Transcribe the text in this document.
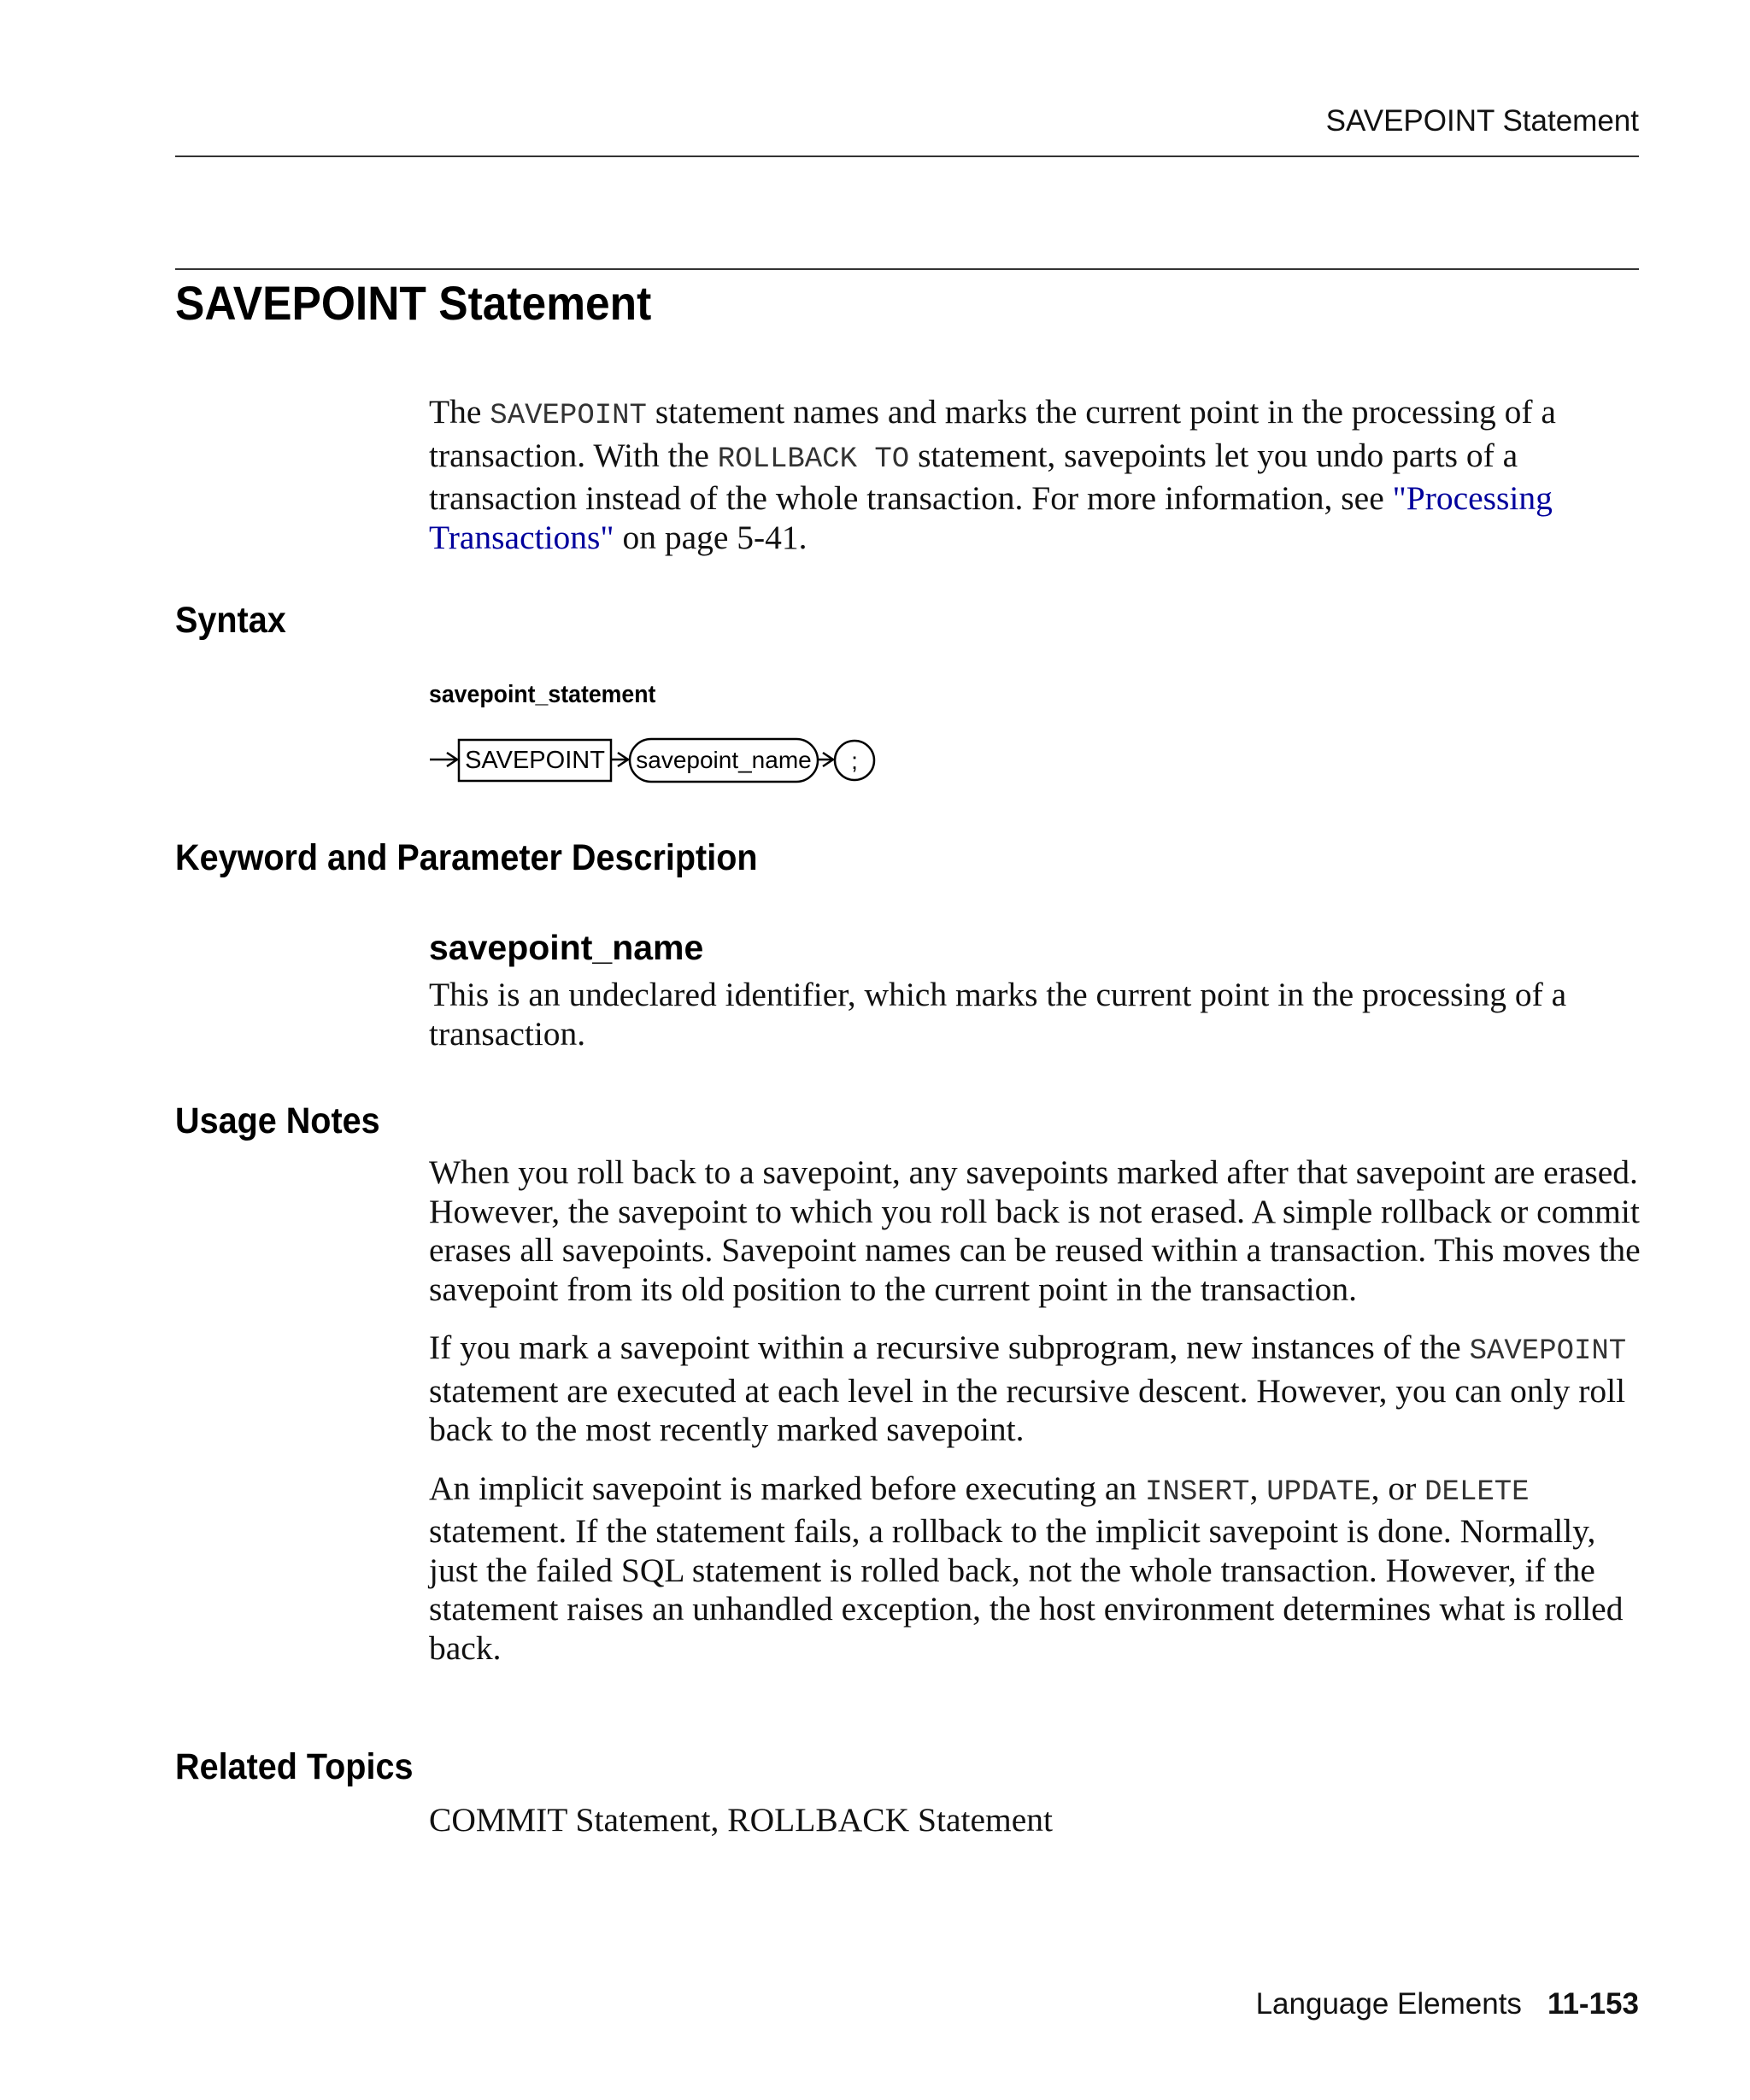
SAVEPOINT Statement

SAVEPOINT Statement

The SAVEPOINT statement names and marks the current point in the processing of a transaction. With the ROLLBACK TO statement, savepoints let you undo parts of a transaction instead of the whole transaction. For more information, see "Processing Transactions" on page 5-41.

Syntax

savepoint_statement

SAVEPOINT savepoint_name ;
Keyword and Parameter Description
savepoint_name

This is an undeclared identifier, which marks the current point in the processing of a transaction.

Usage Notes

When you roll back to a savepoint, any savepoints marked after that savepoint are erased. However, the savepoint to which you roll back is not erased. A simple rollback or commit erases all savepoints. Savepoint names can be reused within a transaction. This moves the savepoint from its old position to the current point in the transaction.

If you mark a savepoint within a recursive subprogram, new instances of the SAVEPOINT statement are executed at each level in the recursive descent. However, you can only roll back to the most recently marked savepoint.

An implicit savepoint is marked before executing an INSERT, UPDATE, or DELETE statement. If the statement fails, a rollback to the implicit savepoint is done. Normally, just the failed SQL statement is rolled back, not the whole transaction. However, if the statement raises an unhandled exception, the host environment determines what is rolled back.

Related Topics

COMMIT Statement, ROLLBACK Statement

Language Elements 11-153
